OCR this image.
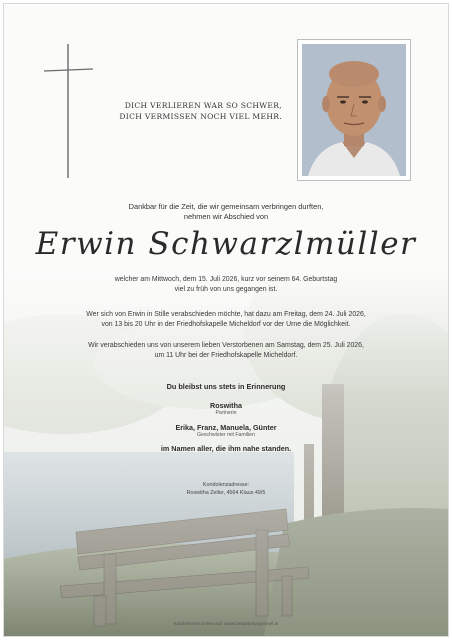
DICH VERLIEREN WAR SO SCHWER,
DICH VERMISSEN NOCH VIEL MEHR.
Dankbar für die Zeit, die wir gemeinsam verbringen durften,
nehmen wir Abschied von
Erwin Schwarzlmüller
welcher am Mittwoch, dem 15. Juli 2026, kurz vor seinem 64. Geburtstag
viel zu früh von uns gegangen ist.
Wer sich von Erwin in Stille verabschieden möchte, hat dazu am Freitag, dem 24. Juli 2026,
von 13 bis 20 Uhr in der Friedhofskapelle Micheldorf vor der Urne die Möglichkeit.
Wir verabschieden uns von unserem lieben Verstorbenen am Samstag, dem 25. Juli 2026,
um 11 Uhr bei der Friedhofskapelle Micheldorf.
Du bleibst uns stets in Erinnerung
Roswitha
Partnerin
Erika, Franz, Manuela, Günter
Geschwister mit Familien
im Namen aller, die ihm nahe standen.
Kondolenzadresse:
Roswitha Zeller, 4564 Klaus 49/5
Kondolenzen online auf: www.bestattung-greimel.at
